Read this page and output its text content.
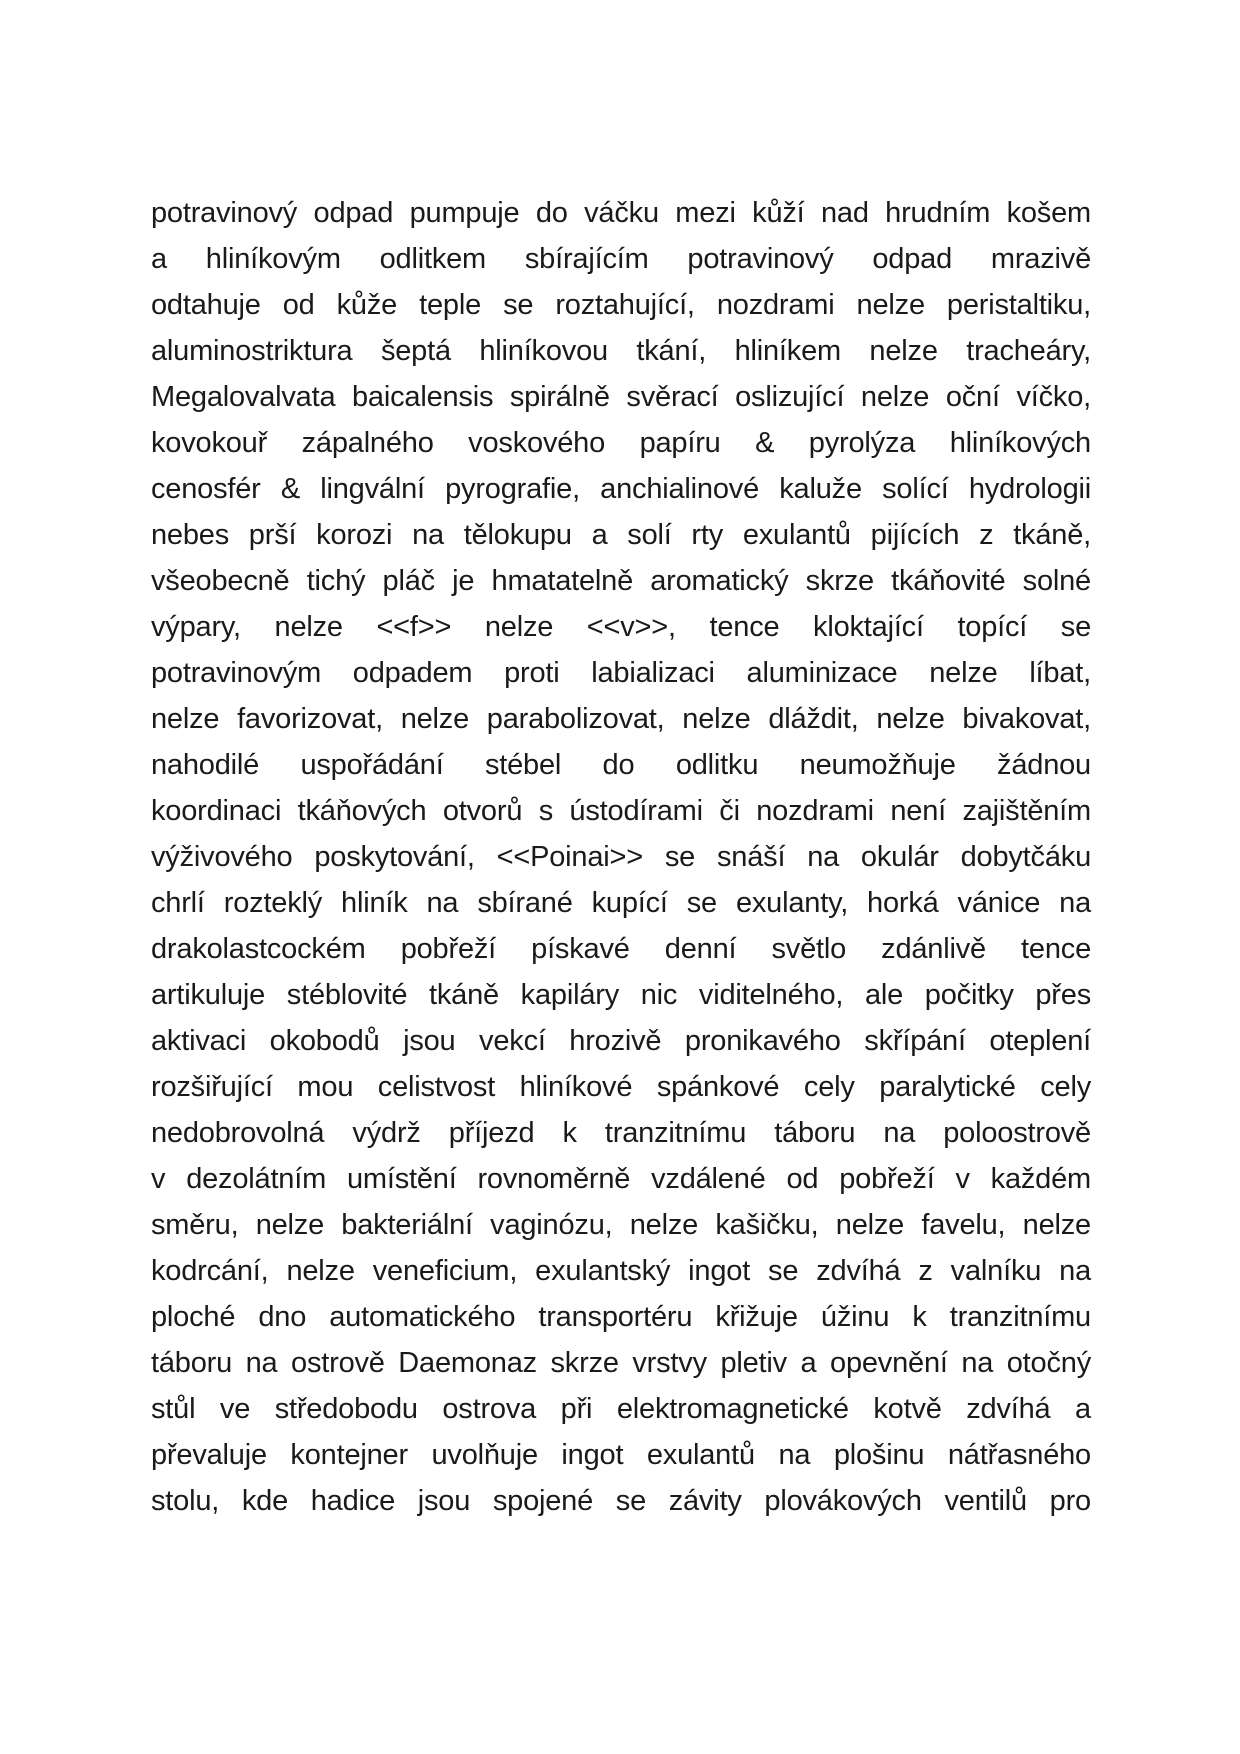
potravinový odpad pumpuje do váčku mezi kůží nad hrudním košem
a hliníkovým odlitkem sbírajícím potravinový odpad mrazivě
odtahuje od kůže teple se roztahující, nozdrami nelze peristaltiku,
aluminostriktura šeptá hliníkovou tkání, hliníkem nelze tracheáry,
Megalovalvata baicalensis spirálně svěrací oslizující nelze oční víčko,
kovokouř zápalného voskového papíru & pyrolýza hliníkových
cenosfér & lingvální pyrografie, anchialinové kaluže solící hydrologii
nebes prší korozi na tělokupu a solí rty exulantů pijících z tkáně,
všeobecně tichý pláč je hmatatelně aromatický skrze tkáňovité solné
výpary, nelze <<f>> nelze <<v>>, tence kloktající topící se
potravinovým odpadem proti labializaci aluminizace nelze líbat,
nelze favorizovat, nelze parabolizovat, nelze dláždit, nelze bivakovat,
nahodilé uspořádání stébel do odlitku neumožňuje žádnou
koordinaci tkáňových otvorů s ústodírami či nozdrami není zajištěním
výživového poskytování, <<Poinai>> se snáší na okulár dobytčáku
chrlí rozteklý hliník na sbírané kupící se exulanty, horká vánice na
drakolastcockém pobřeží pískavé denní světlo zdánlivě tence
artikuluje stéblovité tkáně kapiláry nic viditelného, ale počitky přes
aktivaci okobodů jsou vekcí hrozivě pronikavého skřípání oteplení
rozšiřující mou celistvost hliníkové spánkové cely paralytické cely
nedobrovolná výdrž příjezd k tranzitnímu táboru na poloostrově
v dezolátním umístění rovnoměrně vzdálené od pobřeží v každém
směru, nelze bakteriální vaginózu, nelze kašičku, nelze favelu, nelze
kodrcání, nelze veneficium, exulantský ingot se zdvíhá z valníku na
ploché dno automatického transportéru křižuje úžinu k tranzitnímu
táboru na ostrově Daemonaz skrze vrstvy pletiv a opevnění na otočný
stůl ve středobodu ostrova při elektromagnetické kotvě zdvíhá a
převaluje kontejner uvolňuje ingot exulantů na plošinu nátřasného
stolu, kde hadice jsou spojené se závity plovákových ventilů pro
